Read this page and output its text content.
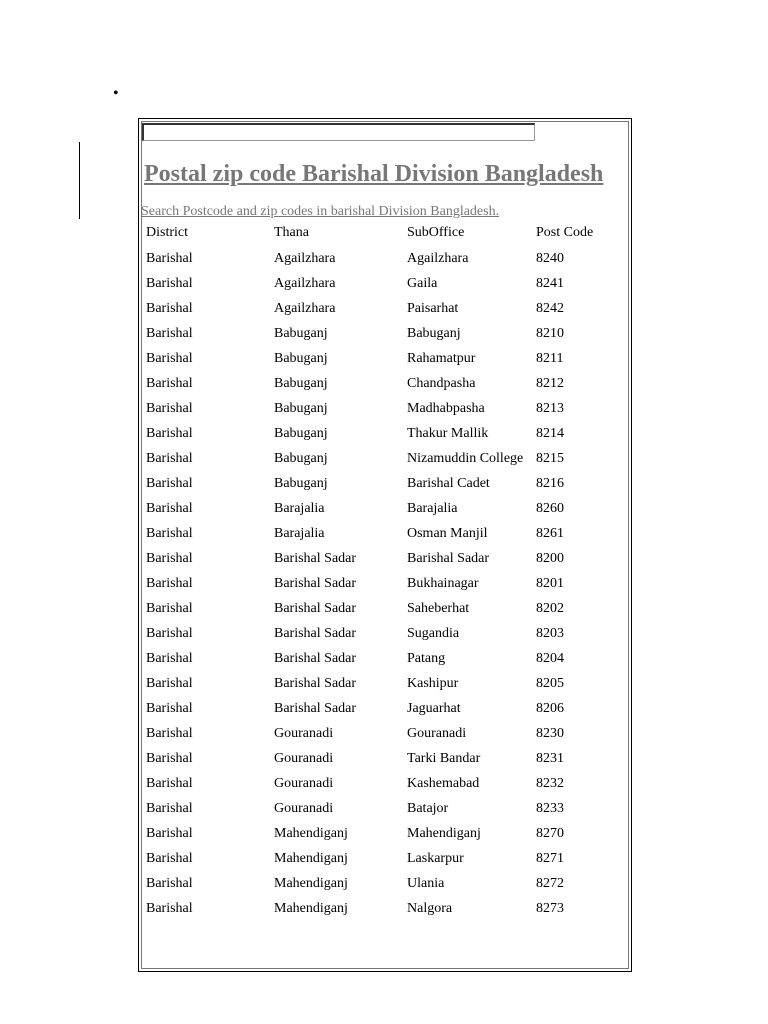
•
Postal zip code Barishal Division Bangladesh
Search Postcode and zip codes in barishal Division Bangladesh.
District	Thana	SubOffice	Post Code
Barishal	Agailzhara	Agailzhara	8240
Barishal	Agailzhara	Gaila	8241
Barishal	Agailzhara	Paisarhat	8242
Barishal	Babuganj	Babuganj	8210
Barishal	Babuganj	Rahamatpur	8211
Barishal	Babuganj	Chandpasha	8212
Barishal	Babuganj	Madhabpasha	8213
Barishal	Babuganj	Thakur Mallik	8214
Barishal	Babuganj	Nizamuddin College	8215
Barishal	Babuganj	Barishal Cadet	8216
Barishal	Barajalia	Barajalia	8260
Barishal	Barajalia	Osman Manjil	8261
Barishal	Barishal Sadar	Barishal Sadar	8200
Barishal	Barishal Sadar	Bukhainagar	8201
Barishal	Barishal Sadar	Saheberhat	8202
Barishal	Barishal Sadar	Sugandia	8203
Barishal	Barishal Sadar	Patang	8204
Barishal	Barishal Sadar	Kashipur	8205
Barishal	Barishal Sadar	Jaguarhat	8206
Barishal	Gouranadi	Gouranadi	8230
Barishal	Gouranadi	Tarki Bandar	8231
Barishal	Gouranadi	Kashemabad	8232
Barishal	Gouranadi	Batajor	8233
Barishal	Mahendiganj	Mahendiganj	8270
Barishal	Mahendiganj	Laskarpur	8271
Barishal	Mahendiganj	Ulania	8272
Barishal	Mahendiganj	Nalgora	8273
